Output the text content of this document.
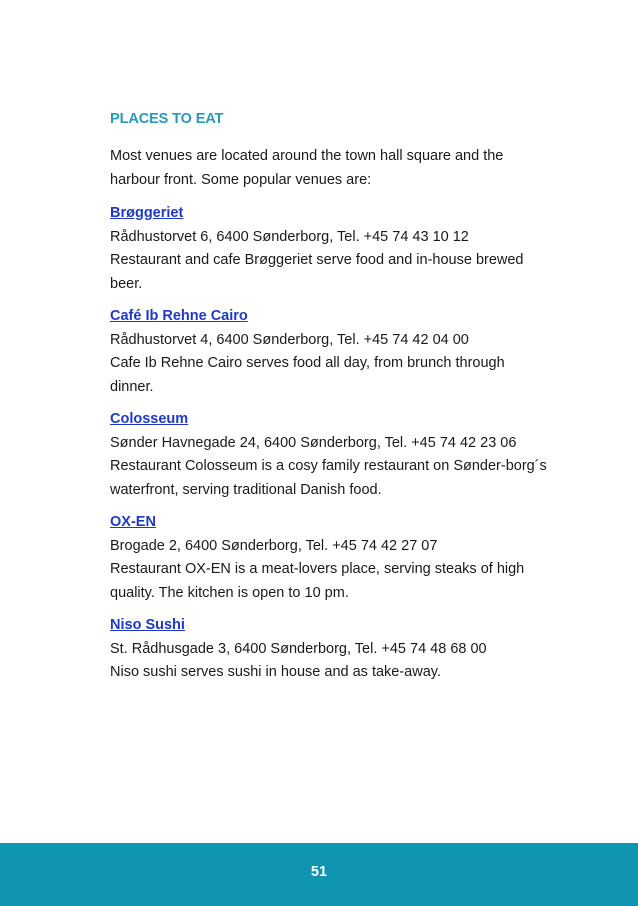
PLACES TO EAT
Most venues are located around the town hall square and the harbour front. Some popular venues are:
Brøggeriet
Rådhustorvet 6, 6400 Sønderborg, Tel. +45 74 43 10 12
Restaurant and cafe Brøggeriet serve food and in-house brewed beer.
Café Ib Rehne Cairo
Rådhustorvet 4, 6400 Sønderborg, Tel. +45 74 42 04 00
Cafe Ib Rehne Cairo serves food all day, from brunch through dinner.
Colosseum
Sønder Havnegade 24, 6400 Sønderborg, Tel. +45 74 42 23 06
Restaurant Colosseum is a cosy family restaurant on Sønder-borg´s waterfront, serving traditional Danish food.
OX-EN
Brogade 2, 6400 Sønderborg, Tel. +45 74 42 27 07
Restaurant OX-EN is a meat-lovers place, serving steaks of high quality. The kitchen is open to 10 pm.
Niso Sushi
St. Rådhusgade 3, 6400 Sønderborg, Tel. +45 74 48 68 00
Niso sushi serves sushi in house and as take-away.
51
